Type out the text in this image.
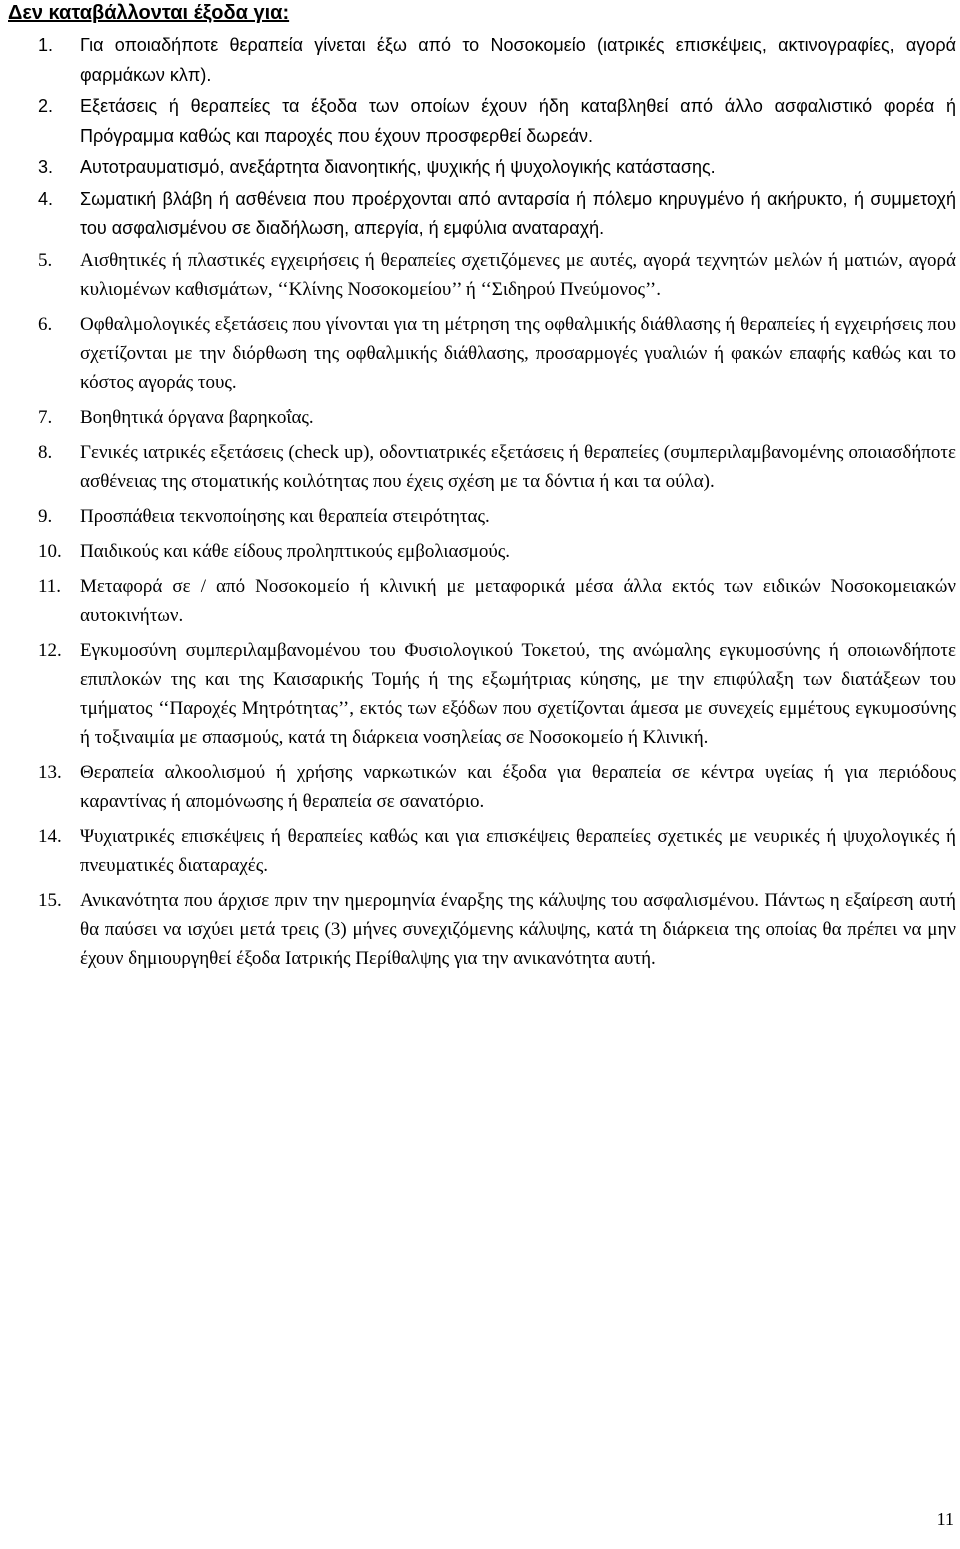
Δεν καταβάλλονται έξοδα για:
1. Για οποιαδήποτε θεραπεία γίνεται έξω από το Νοσοκομείο (ιατρικές επισκέψεις, ακτινογραφίες, αγορά φαρμάκων κλπ).
2. Εξετάσεις ή θεραπείες τα έξοδα των οποίων έχουν ήδη καταβληθεί από άλλο ασφαλιστικό φορέα ή Πρόγραμμα καθώς και παροχές που έχουν προσφερθεί δωρεάν.
3. Αυτοτραυματισμό, ανεξάρτητα διανοητικής, ψυχικής ή ψυχολογικής κατάστασης.
4. Σωματική βλάβη ή ασθένεια που προέρχονται από ανταρσία ή πόλεμο κηρυγμένο ή ακήρυκτο, ή συμμετοχή του ασφαλισμένου σε διαδήλωση, απεργία, ή εμφύλια αναταραχή.
5. Αισθητικές ή πλαστικές εγχειρήσεις ή θεραπείες σχετιζόμενες με αυτές, αγορά τεχνητών μελών ή ματιών, αγορά κυλιομένων καθισμάτων, ‘‘Κλίνης Νοσοκομείου’’ ή ‘‘Σιδηρού Πνεύμονος’’.
6. Οφθαλμολογικές εξετάσεις που γίνονται για τη μέτρηση της οφθαλμικής διάθλασης ή θεραπείες ή εγχειρήσεις που σχετίζονται με την διόρθωση της οφθαλμικής διάθλασης, προσαρμογές γυαλιών ή φακών επαφής καθώς και το κόστος αγοράς τους.
7. Βοηθητικά όργανα βαρηκοΐας.
8. Γενικές ιατρικές εξετάσεις (check up), οδοντιατρικές εξετάσεις ή θεραπείες (συμπεριλαμβανομένης οποιασδήποτε ασθένειας της στοματικής κοιλότητας που έχεις σχέση με τα δόντια ή και τα ούλα).
9. Προσπάθεια τεκνοποίησης και θεραπεία στειρότητας.
10. Παιδικούς και κάθε είδους προληπτικούς εμβολιασμούς.
11. Μεταφορά σε / από Νοσοκομείο ή κλινική με μεταφορικά μέσα άλλα εκτός των ειδικών Νοσοκομειακών αυτοκινήτων.
12. Εγκυμοσύνη συμπεριλαμβανομένου του Φυσιολογικού Τοκετού, της ανώμαλης εγκυμοσύνης ή οποιωνδήποτε επιπλοκών της και της Καισαρικής Τομής ή της εξωμήτριας κύησης, με την επιφύλαξη των διατάξεων του τμήματος ‘‘Παροχές Μητρότητας’’, εκτός των εξόδων που σχετίζονται άμεσα με συνεχείς εμμέτους εγκυμοσύνης ή τοξιναιμία με σπασμούς, κατά τη διάρκεια νοσηλείας σε Νοσοκομείο ή Κλινική.
13. Θεραπεία αλκοολισμού ή χρήσης ναρκωτικών και έξοδα για θεραπεία σε κέντρα υγείας ή για περιόδους καραντίνας ή απομόνωσης ή θεραπεία σε σανατόριο.
14. Ψυχιατρικές επισκέψεις ή θεραπείες καθώς και για επισκέψεις θεραπείες σχετικές με νευρικές ή ψυχολογικές ή πνευματικές διαταραχές.
15. Ανικανότητα που άρχισε πριν την ημερομηνία έναρξης της κάλυψης του ασφαλισμένου. Πάντως η εξαίρεση αυτή θα παύσει να ισχύει μετά τρεις (3) μήνες συνεχιζόμενης κάλυψης, κατά τη διάρκεια της οποίας θα πρέπει να μην έχουν δημιουργηθεί έξοδα Ιατρικής Περίθαλψης για την ανικανότητα αυτή.
11
